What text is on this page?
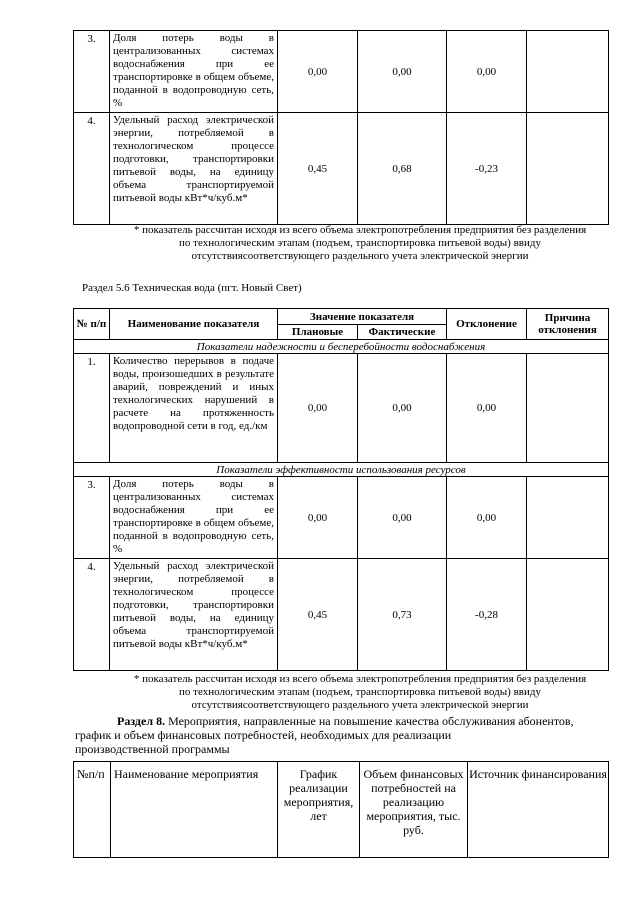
3.	Доля потерь воды в централизованных системах водоснабжения при ее транспортировке в общем объеме, поданной в водопроводную сеть, %	0,00	0,00	0,00	
4.	Удельный расход электрической энергии, потребляемой в технологическом процессе подготовки, транспортировки питьевой воды, на единицу объема транспортируемой питьевой воды кВт*ч/куб.м*	0,45	0,68	-0,23	
* показатель рассчитан исходя из всего объема электропотребления предприятия без разделения
по технологическим этапам (подъем, транспортировка питьевой воды) ввиду
отсутствиясоответствующего раздельного учета электрической энергии
Раздел 5.6 Техническая вода (пгт. Новый Свет)
№ п/п	Наименование показателя	Значение показателя		Отклонение	Причина отклонения
		Плановые	Фактические		
Показатели надежности и бесперебойности водоснабжения					
1.	Количество перерывов в подаче воды, произошедших в результате аварий, повреждений и иных технологических нарушений в расчете на протяженность водопроводной сети в год, ед./км	0,00	0,00	0,00	
Показатели эффективности использования ресурсов					
3.	Доля потерь воды в централизованных системах водоснабжения при ее транспортировке в общем объеме, поданной в водопроводную сеть, %	0,00	0,00	0,00	
4.	Удельный расход электрической энергии, потребляемой в технологическом процессе подготовки, транспортировки питьевой воды, на единицу объема транспортируемой питьевой воды кВт*ч/куб.м*	0,45	0,73	-0,28	
* показатель рассчитан исходя из всего объема электропотребления предприятия без разделения
по технологическим этапам (подъем, транспортировка питьевой воды) ввиду
отсутствиясоответствующего раздельного учета электрической энергии
Раздел 8. Мероприятия, направленные на повышение качества обслуживания абонентов,
график и объем финансовых потребностей, необходимых для реализации
производственной программы
№п/п	Наименование мероприятия	График реализации мероприятия, лет	Объем финансовых потребностей на реализацию мероприятия, тыс. руб.	Источник финансирования
